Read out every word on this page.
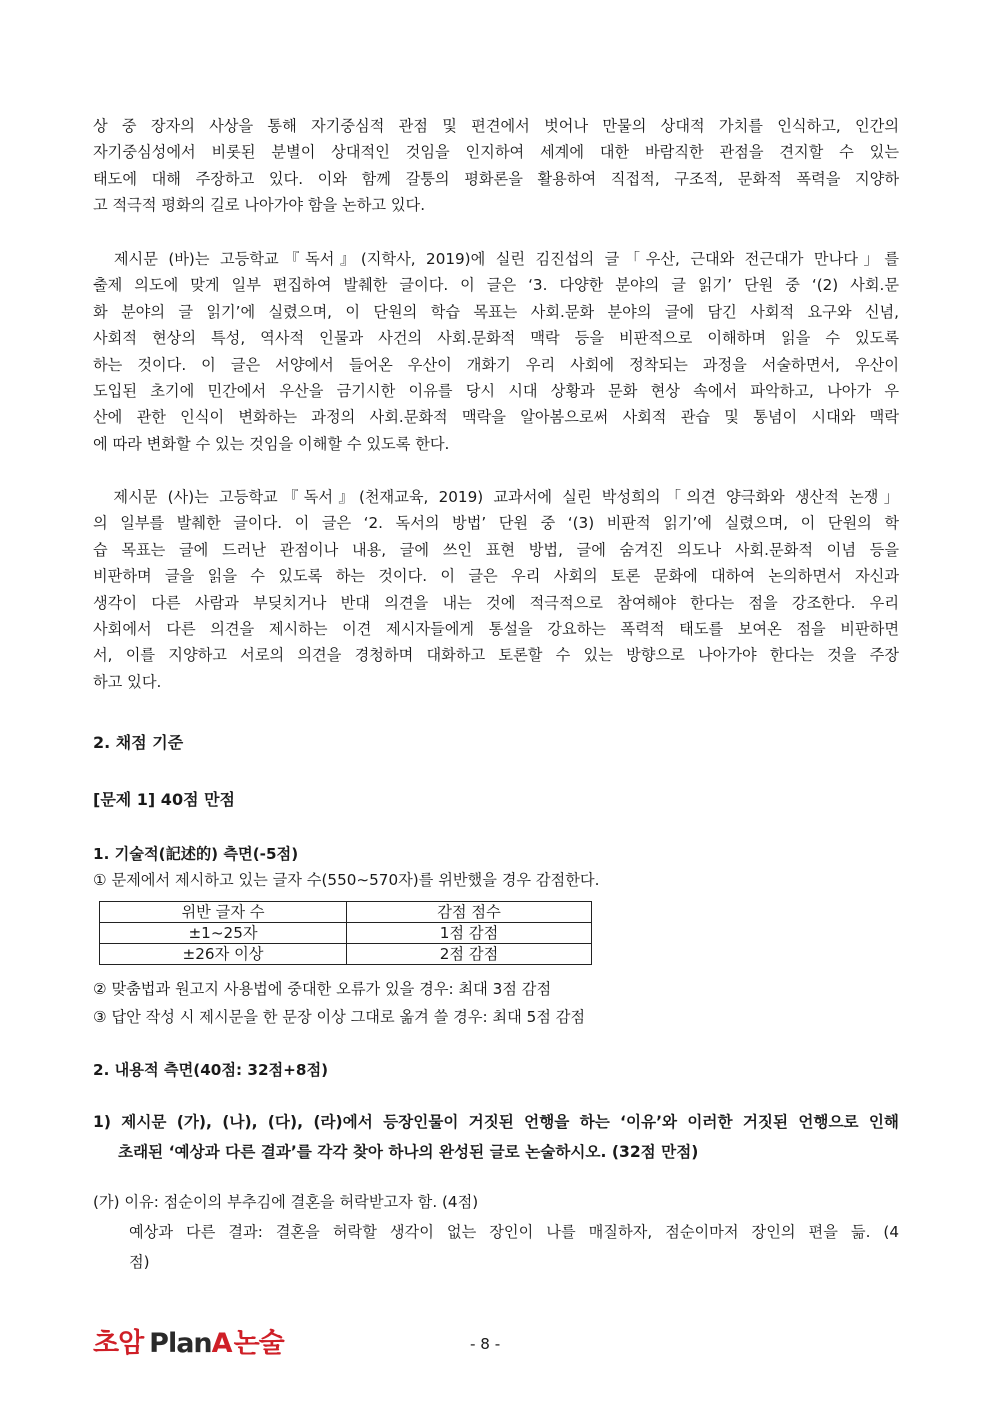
상 중 장자의 사상을 통해 자기중심적 관점 및 편견에서 벗어나 만물의 상대적 가치를 인식하고, 인간의
자기중심성에서 비롯된 분별이 상대적인 것임을 인지하여 세계에 대한 바람직한 관점을 견지할 수 있는
태도에 대해 주장하고 있다. 이와 함께 갈퉁의 평화론을 활용하여 직접적, 구조적, 문화적 폭력을 지양하
고 적극적 평화의 길로 나아가야 함을 논하고 있다.
제시문 (바)는 고등학교『독서』(지학사, 2019)에 실린 김진섭의 글「우산, 근대와 전근대가 만나다」를
출제 의도에 맞게 일부 편집하여 발췌한 글이다. 이 글은 ‘3. 다양한 분야의 글 읽기’ 단원 중 ‘(2) 사회.문
화 분야의 글 읽기’에 실렸으며, 이 단원의 학습 목표는 사회.문화 분야의 글에 담긴 사회적 요구와 신념,
사회적 현상의 특성, 역사적 인물과 사건의 사회.문화적 맥락 등을 비판적으로 이해하며 읽을 수 있도록
하는 것이다. 이 글은 서양에서 들어온 우산이 개화기 우리 사회에 정착되는 과정을 서술하면서, 우산이
도입된 초기에 민간에서 우산을 금기시한 이유를 당시 시대 상황과 문화 현상 속에서 파악하고, 나아가 우
산에 관한 인식이 변화하는 과정의 사회.문화적 맥락을 알아봄으로써 사회적 관습 및 통념이 시대와 맥락
에 따라 변화할 수 있는 것임을 이해할 수 있도록 한다.
제시문 (사)는 고등학교『독서』(천재교육, 2019) 교과서에 실린 박성희의「의견 양극화와 생산적 논쟁」
의 일부를 발췌한 글이다. 이 글은 ‘2. 독서의 방법’ 단원 중 ‘(3) 비판적 읽기’에 실렸으며, 이 단원의 학
습 목표는 글에 드러난 관점이나 내용, 글에 쓰인 표현 방법, 글에 숨겨진 의도나 사회.문화적 이념 등을
비판하며 글을 읽을 수 있도록 하는 것이다. 이 글은 우리 사회의 토론 문화에 대하여 논의하면서 자신과
생각이 다른 사람과 부딪치거나 반대 의견을 내는 것에 적극적으로 참여해야 한다는 점을 강조한다. 우리
사회에서 다른 의견을 제시하는 이견 제시자들에게 통설을 강요하는 폭력적 태도를 보여온 점을 비판하면
서, 이를 지양하고 서로의 의견을 경청하며 대화하고 토론할 수 있는 방향으로 나아가야 한다는 것을 주장
하고 있다.
2. 채점 기준
[문제 1] 40점 만점

1. 기술적(記述的) 측면(-5점)

① 문제에서 제시하고 있는 글자 수(550∼570자)를 위반했을 경우 감점한다.

위반 글자 수	감점 점수
±1~25자	1점 감점
±26자 이상	2점 감점

② 맞춤법과 원고지 사용법에 중대한 오류가 있을 경우: 최대 3점 감점

③ 답안 작성 시 제시문을 한 문장 이상 그대로 옮겨 쓸 경우: 최대 5점 감점

2. 내용적 측면(40점: 32점+8점)

1) 제시문 (가), (나), (다), (라)에서 등장인물이 거짓된 언행을 하는 ‘이유’와 이러한 거짓된 언행으로 인해
초래된 ‘예상과 다른 결과’를 각각 찾아 하나의 완성된 글로 논술하시오. (32점 만점)
(가) 이유: 점순이의 부추김에 결혼을 허락받고자 함. (4점)
예상과 다른 결과: 결혼을 허락할 생각이 없는 장인이 나를 매질하자, 점순이마저 장인의 편을 듦. (4
점)
초암 PlanA논술	- 8 -
